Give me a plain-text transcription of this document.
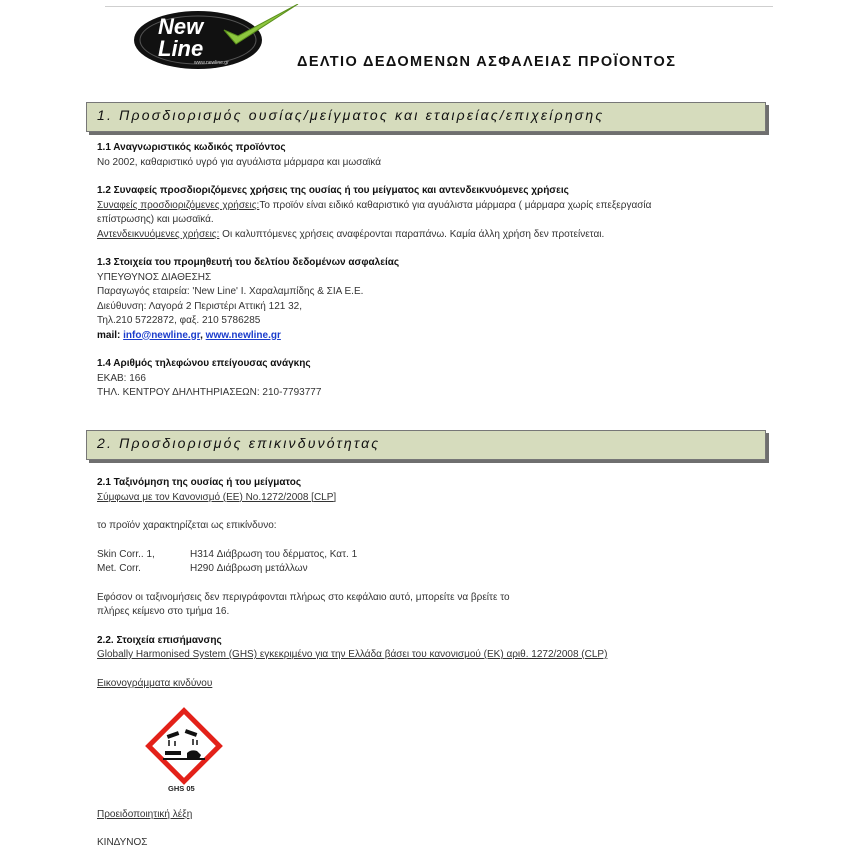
New
Line
www.newline.gr	ΔΕΛΤΙΟ ΔΕΔΟΜΕΝΩΝ ΑΣΦΑΛΕΙΑΣ ΠΡΟΪΟΝΤΟΣ
1. Προσδιορισμός ουσίας/μείγματος και εταιρείας/επιχείρησης
1.1 Αναγνωριστικός κωδικός προϊόντος
Nο 2002, καθαριστικό υγρό για αγυάλιστα μάρμαρα και μωσαϊκά
1.2 Συναφείς προσδιοριζόμενες χρήσεις της ουσίας ή του μείγματος και αντενδεικνυόμενες χρήσεις
Συναφείς προσδιοριζόμενες χρήσεις:Το προϊόν είναι ειδικό καθαριστικό για αγυάλιστα μάρμαρα ( μάρμαρα χωρίς επεξεργασία
επίστρωσης) και μωσαϊκά.
Αντενδεικνυόμενες χρήσεις: Οι καλυπτόμενες χρήσεις αναφέρονται παραπάνω. Καμία άλλη χρήση δεν προτείνεται.
1.3 Στοιχεία του προμηθευτή του δελτίου δεδομένων ασφαλείας
ΥΠΕΥΘΥΝΟΣ ΔΙΑΘΕΣΗΣ
Παραγωγός εταιρεία: 'New Line' Ι. Χαραλαμπίδης & ΣΙΑ Ε.Ε.
Διεύθυνση: Λαγορά 2 Περιστέρι Αττική 121 32,
Τηλ.210 5722872, φαξ. 210 5786285
mail: info@newline.gr, www.newline.gr
1.4 Αριθμός τηλεφώνου επείγουσας ανάγκης
ΕΚΑΒ: 166
ΤΗΛ. ΚΕΝΤΡΟΥ ΔΗΛΗΤΗΡΙΑΣΕΩΝ: 210-7793777
2. Προσδιορισμός επικινδυνότητας
2.1 Ταξινόμηση της ουσίας ή του μείγματος
Σύμφωνα με τον Κανονισμό (ΕΕ) No.1272/2008 [CLP]
το προϊόν χαρακτηρίζεται ως επικίνδυνο:
Skin Corr.. 1,	H314 Διάβρωση του δέρματος, Κατ. 1
Met. Corr.	H290 Διάβρωση μετάλλων
Εφόσον οι ταξινομήσεις δεν περιγράφονται πλήρως στο κεφάλαιο αυτό, μπορείτε να βρείτε το
πλήρες κείμενο στο τμήμα 16.
2.2. Στοιχεία επισήμανσης
Globally Harmonised System (GHS) εγκεκριμένο για την Ελλάδα βάσει του κανονισμού (ΕΚ) αριθ. 1272/2008 (CLP)
Εικονογράμματα κινδύνου
GHS 05
Προειδοποιητική λέξη
ΚΙΝΔΥΝΟΣ
